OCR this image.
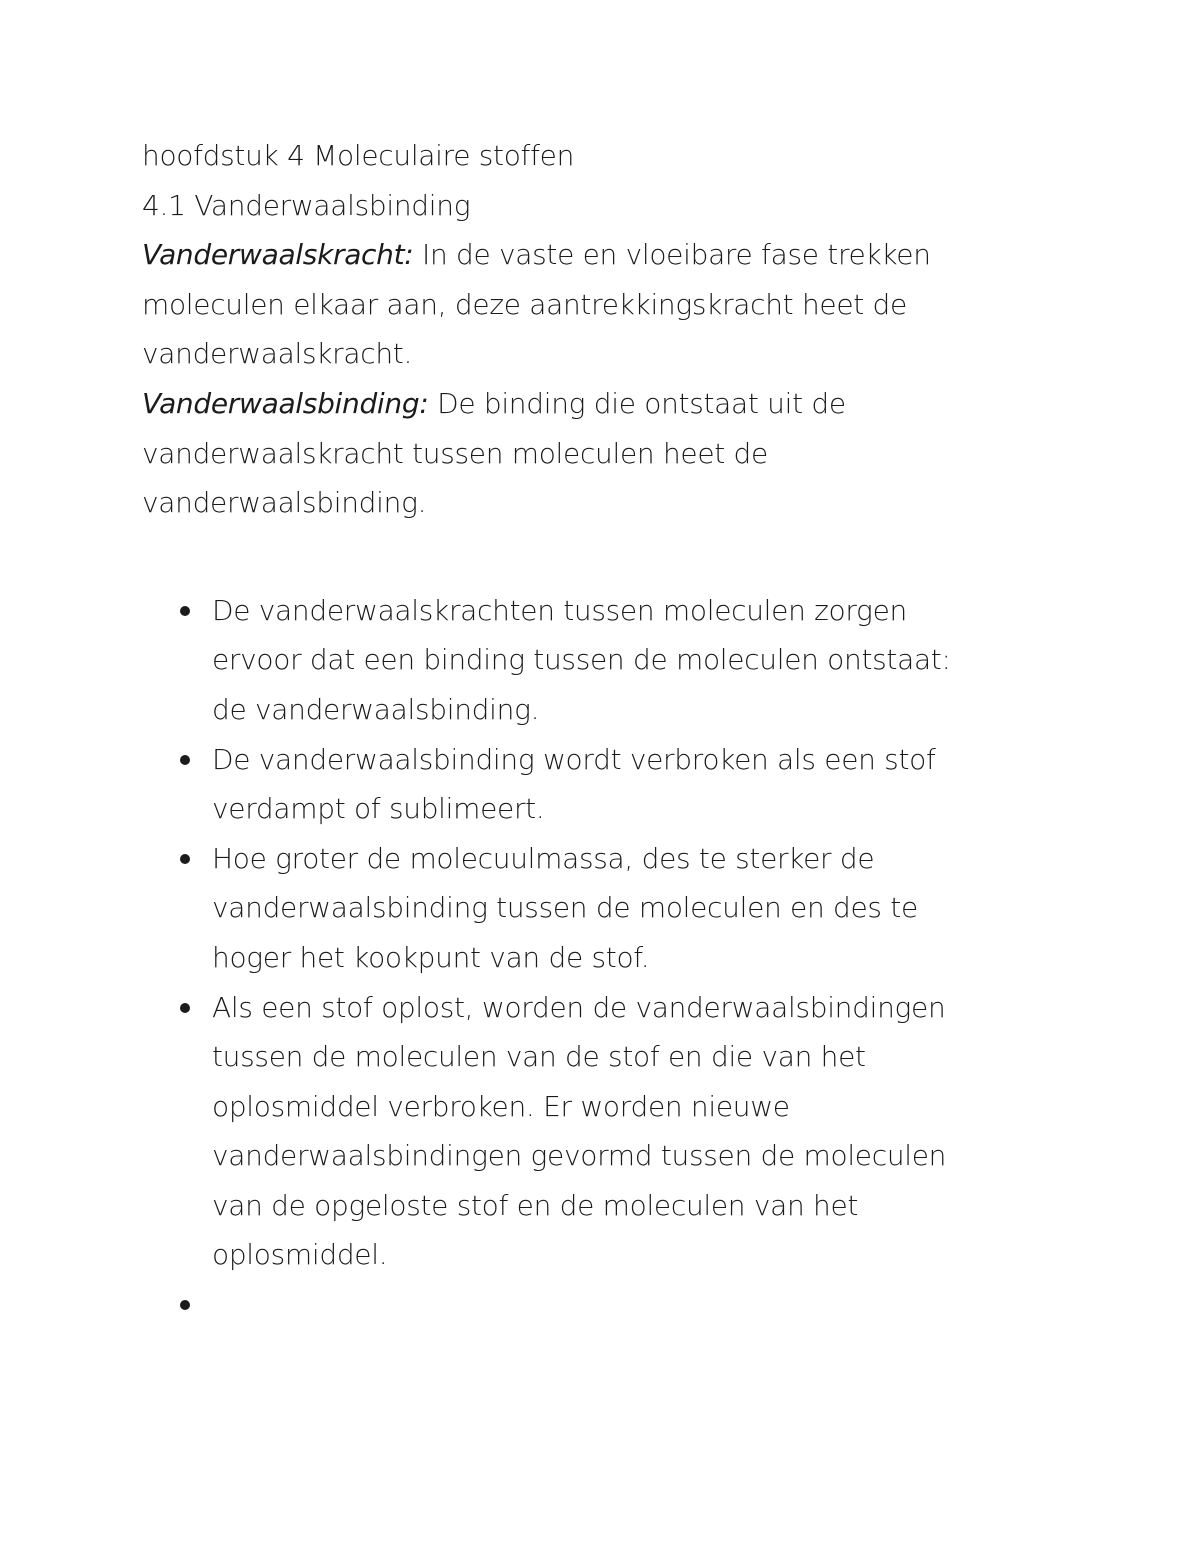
hoofdstuk 4 Moleculaire stoffen

4.1 Vanderwaalsbinding

Vanderwaalskracht: In de vaste en vloeibare fase trekken

moleculen elkaar aan, deze aantrekkingskracht heet de

vanderwaalskracht.

Vanderwaalsbinding: De binding die ontstaat uit de

vanderwaalskracht tussen moleculen heet de

vanderwaalsbinding.

De vanderwaalskrachten tussen moleculen zorgen
ervoor dat een binding tussen de moleculen ontstaat:
de vanderwaalsbinding.
De vanderwaalsbinding wordt verbroken als een stof
verdampt of sublimeert.
Hoe groter de molecuulmassa, des te sterker de
vanderwaalsbinding tussen de moleculen en des te
hoger het kookpunt van de stof.
Als een stof oplost, worden de vanderwaalsbindingen
tussen de moleculen van de stof en die van het
oplosmiddel verbroken. Er worden nieuwe
vanderwaalsbindingen gevormd tussen de moleculen
van de opgeloste stof en de moleculen van het
oplosmiddel.
